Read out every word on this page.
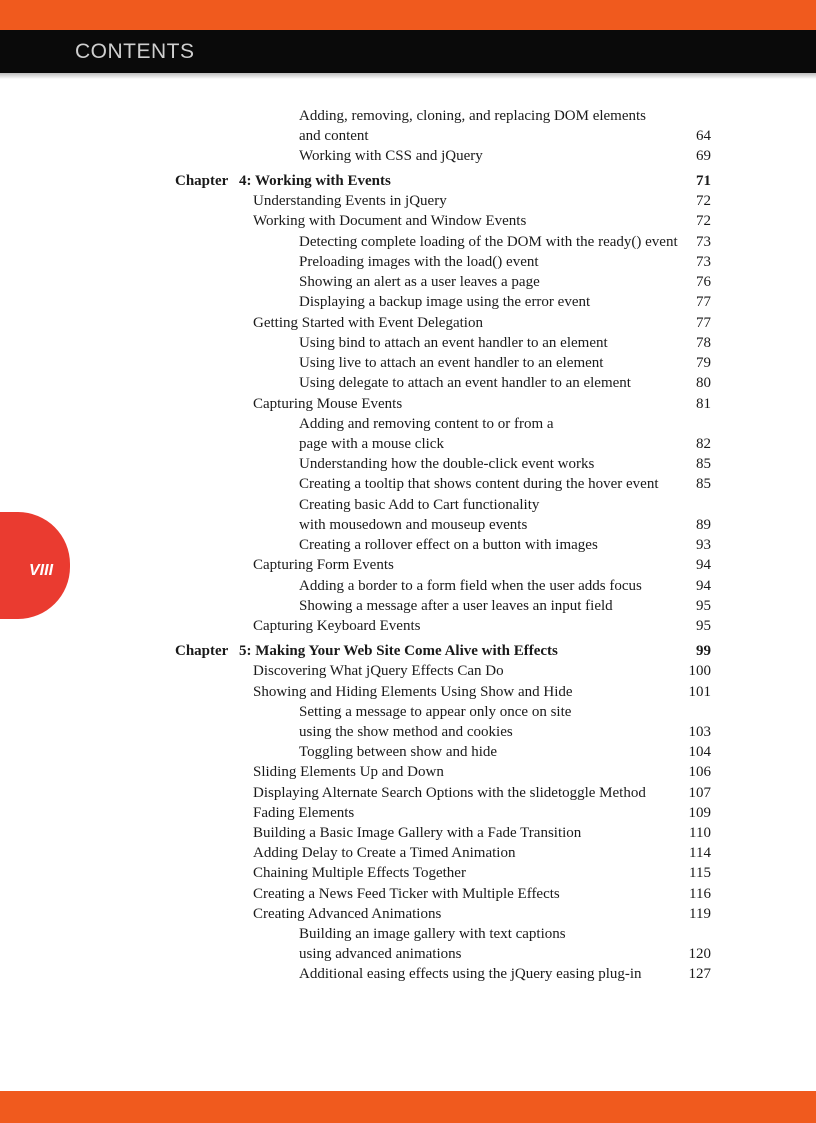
CONTENTS
VIII
Adding, removing, cloning, and replacing DOM elements
and content	64
Working with CSS and jQuery	69
Chapter 4: Working with Events	71
Understanding Events in jQuery	72
Working with Document and Window Events	72
Detecting complete loading of the DOM with the ready() event	73
Preloading images with the load() event	73
Showing an alert as a user leaves a page	76
Displaying a backup image using the error event	77
Getting Started with Event Delegation	77
Using bind to attach an event handler to an element	78
Using live to attach an event handler to an element	79
Using delegate to attach an event handler to an element	80
Capturing Mouse Events	81
Adding and removing content to or from a
page with a mouse click	82
Understanding how the double-click event works	85
Creating a tooltip that shows content during the hover event	85
Creating basic Add to Cart functionality
with mousedown and mouseup events	89
Creating a rollover effect on a button with images	93
Capturing Form Events	94
Adding a border to a form field when the user adds focus	94
Showing a message after a user leaves an input field	95
Capturing Keyboard Events	95
Chapter 5: Making Your Web Site Come Alive with Effects	99
Discovering What jQuery Effects Can Do	100
Showing and Hiding Elements Using Show and Hide	101
Setting a message to appear only once on site
using the show method and cookies	103
Toggling between show and hide	104
Sliding Elements Up and Down	106
Displaying Alternate Search Options with the slidetoggle Method	107
Fading Elements	109
Building a Basic Image Gallery with a Fade Transition	110
Adding Delay to Create a Timed Animation	114
Chaining Multiple Effects Together	115
Creating a News Feed Ticker with Multiple Effects	116
Creating Advanced Animations	119
Building an image gallery with text captions
using advanced animations	120
Additional easing effects using the jQuery easing plug-in	127
